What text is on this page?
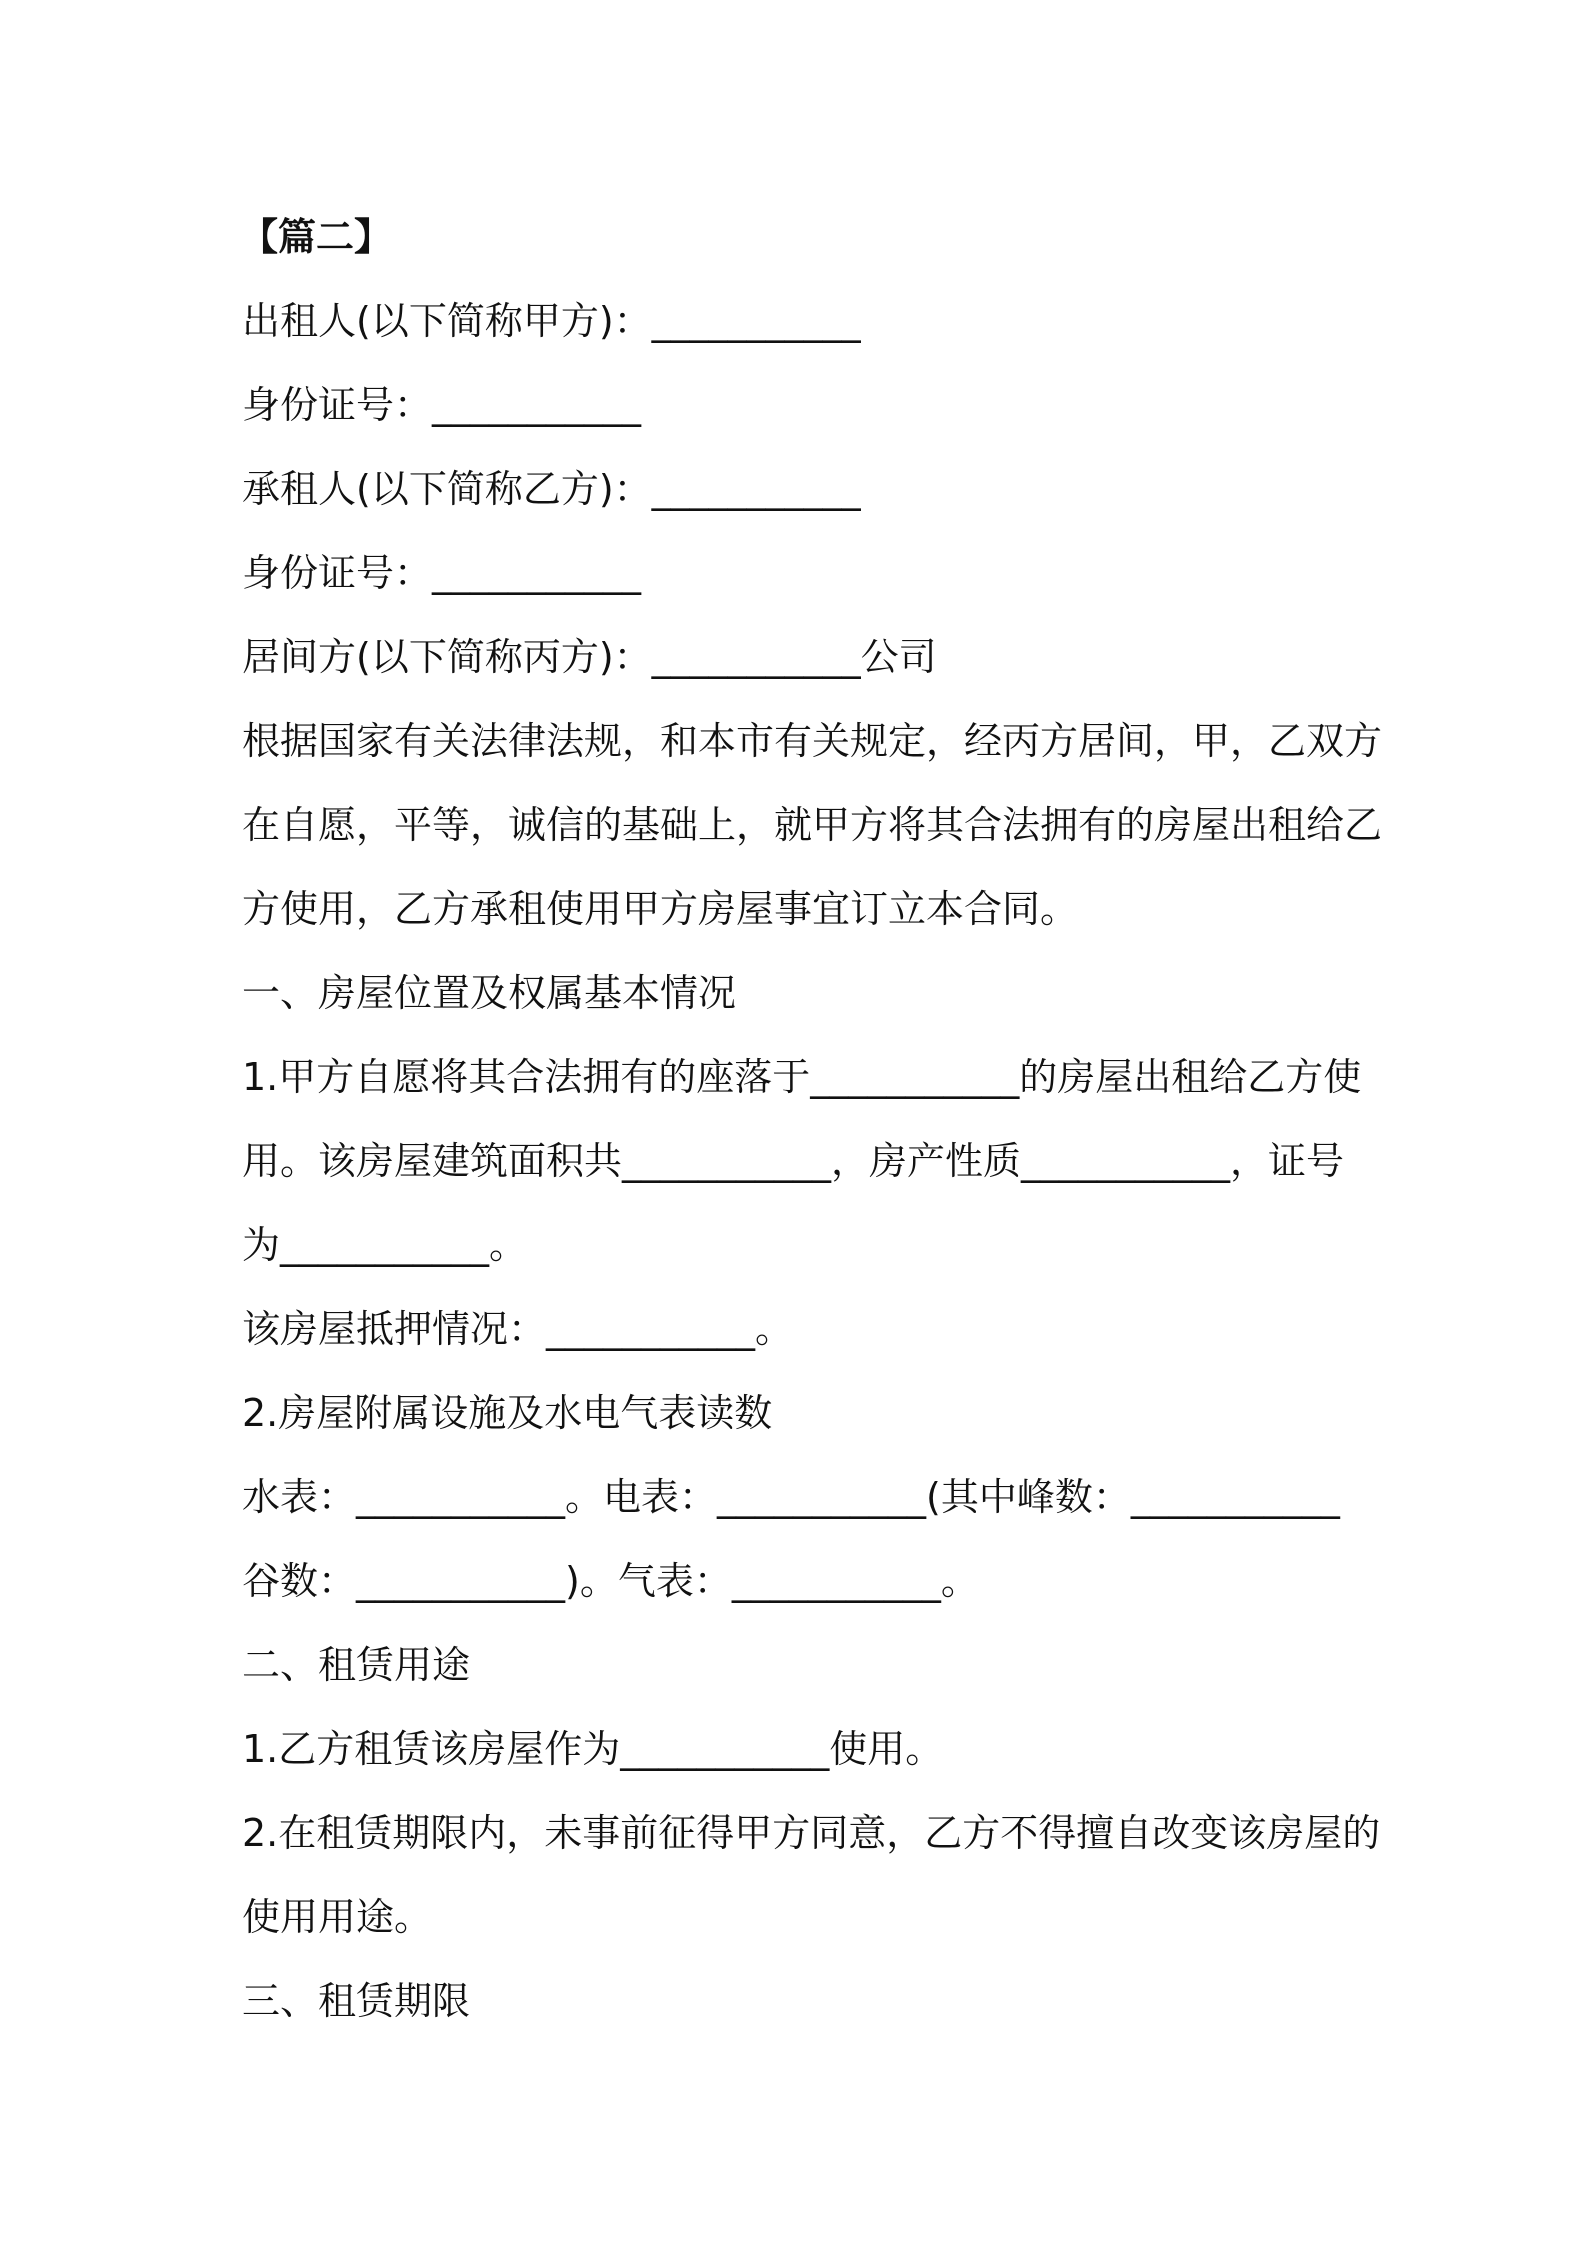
【篇二】
出租人(以下简称甲方)：___________
身份证号：___________
承租人(以下简称乙方)：___________
身份证号：___________
居间方(以下简称丙方)：___________公司
根据国家有关法律法规，和本市有关规定，经丙方居间，甲，乙双方
在自愿，平等，诚信的基础上，就甲方将其合法拥有的房屋出租给乙
方使用，乙方承租使用甲方房屋事宜订立本合同。
一、房屋位置及权属基本情况
1.甲方自愿将其合法拥有的座落于___________的房屋出租给乙方使
用。该房屋建筑面积共___________，房产性质___________，证号
为___________。
该房屋抵押情况：___________。
2.房屋附属设施及水电气表读数
水表：___________。电表：___________(其中峰数：___________
谷数：___________)。气表：___________。
二、租赁用途
1.乙方租赁该房屋作为___________使用。
2.在租赁期限内，未事前征得甲方同意，乙方不得擅自改变该房屋的
使用用途。
三、租赁期限
